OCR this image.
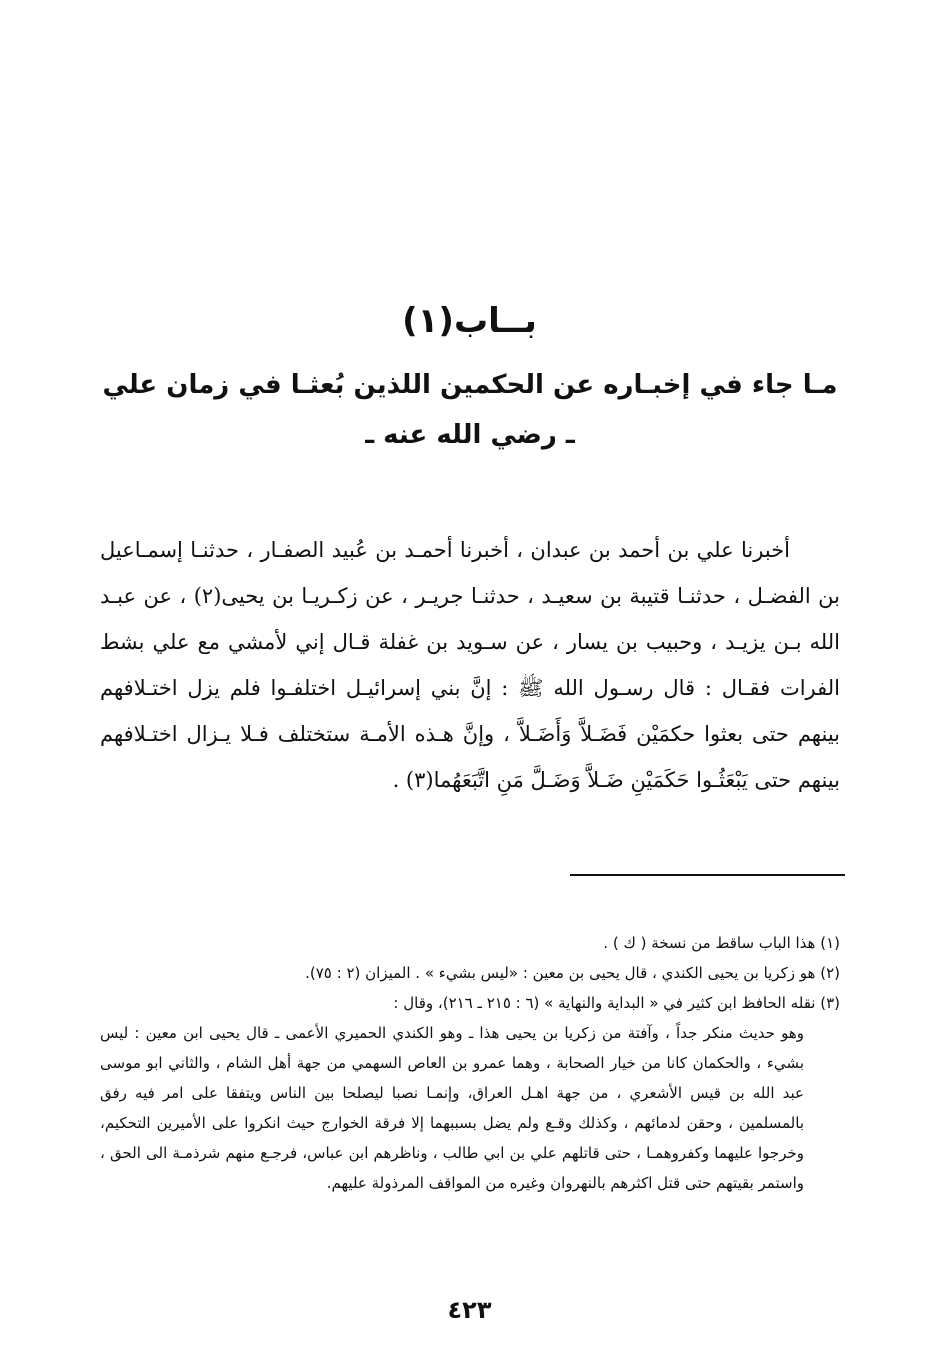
بــاب(١)
مـا جاء في إخبـاره عن الحكمين اللذين بُعثـا في زمان علي ـ رضي الله عنه ـ

أخبرنا علي بن أحمد بن عبدان ، أخبرنا أحمـد بن عُبيد الصفـار ، حدثنـا إسمـاعيل بن الفضـل ، حدثنـا قتيبة بن سعيـد ، حدثنـا جريـر ، عن زكـريـا بن يحيى(٢) ، عن عبـد الله بـن يزيـد ، وحبيب بن يسار ، عن سـويد بن غفلة قـال إني لأمشي مع علي بشط الفرات فقـال : قال رسـول الله ﷺ : إنَّ بني إسرائيـل اختلفـوا فلم يزل اختـلافهم بينهم حتى بعثوا حكمَيْن فَضَـلاَّ وَأَضَـلاَّ ، وإنَّ هـذه الأمـة ستختلف فـلا يـزال اختـلافهم بينهم حتى يَبْعَثُـوا حَكَمَيْنِ ضَـلاَّ وَضَـلَّ مَنِ اتَّبَعَهُما(٣) .

(١) هذا الباب ساقط من نسخة ( ك ) .

(٢) هو زكريا بن يحيى الكندي ، قال يحيى بن معين : «ليس بشيء » . الميزان (٢ : ٧٥).

(٣) نقله الحافظ ابن كثير في « البداية والنهاية » (٦ : ٢١٥ ـ ٢١٦)، وقال :

وهو حديث منكر جداً ، وآفتة من زكريا بن يحيى هذا ـ وهو الكندي الحميري الأعمى ـ قال يحيى ابن معين : ليس بشيء ، والحكمان كانا من خيار الصحابة ، وهما عمرو بن العاص السهمي من جهة أهل الشام ، والثاني ابو موسى عبد الله بن قيس الأشعري ، من جهة اهـل العراق، وإنمـا نصبا ليصلحا بين الناس ويتفقا على امر فيه رفق بالمسلمين ، وحقن لدمائهم ، وكذلك وقـع ولم يضل بسببهما إلا فرقة الخوارج حيث انكروا على الأميرين التحكيم، وخرجوا عليهما وكفروهمـا ، حتى قاتلهم علي بن ابي طالب ، وناظرهم ابن عباس، فرجـع منهم شرذمـة الى الحق ، واستمر بقيتهم حتى قتل اكثرهم بالنهروان وغيره من المواقف المرذولة عليهم.

٤٢٣
